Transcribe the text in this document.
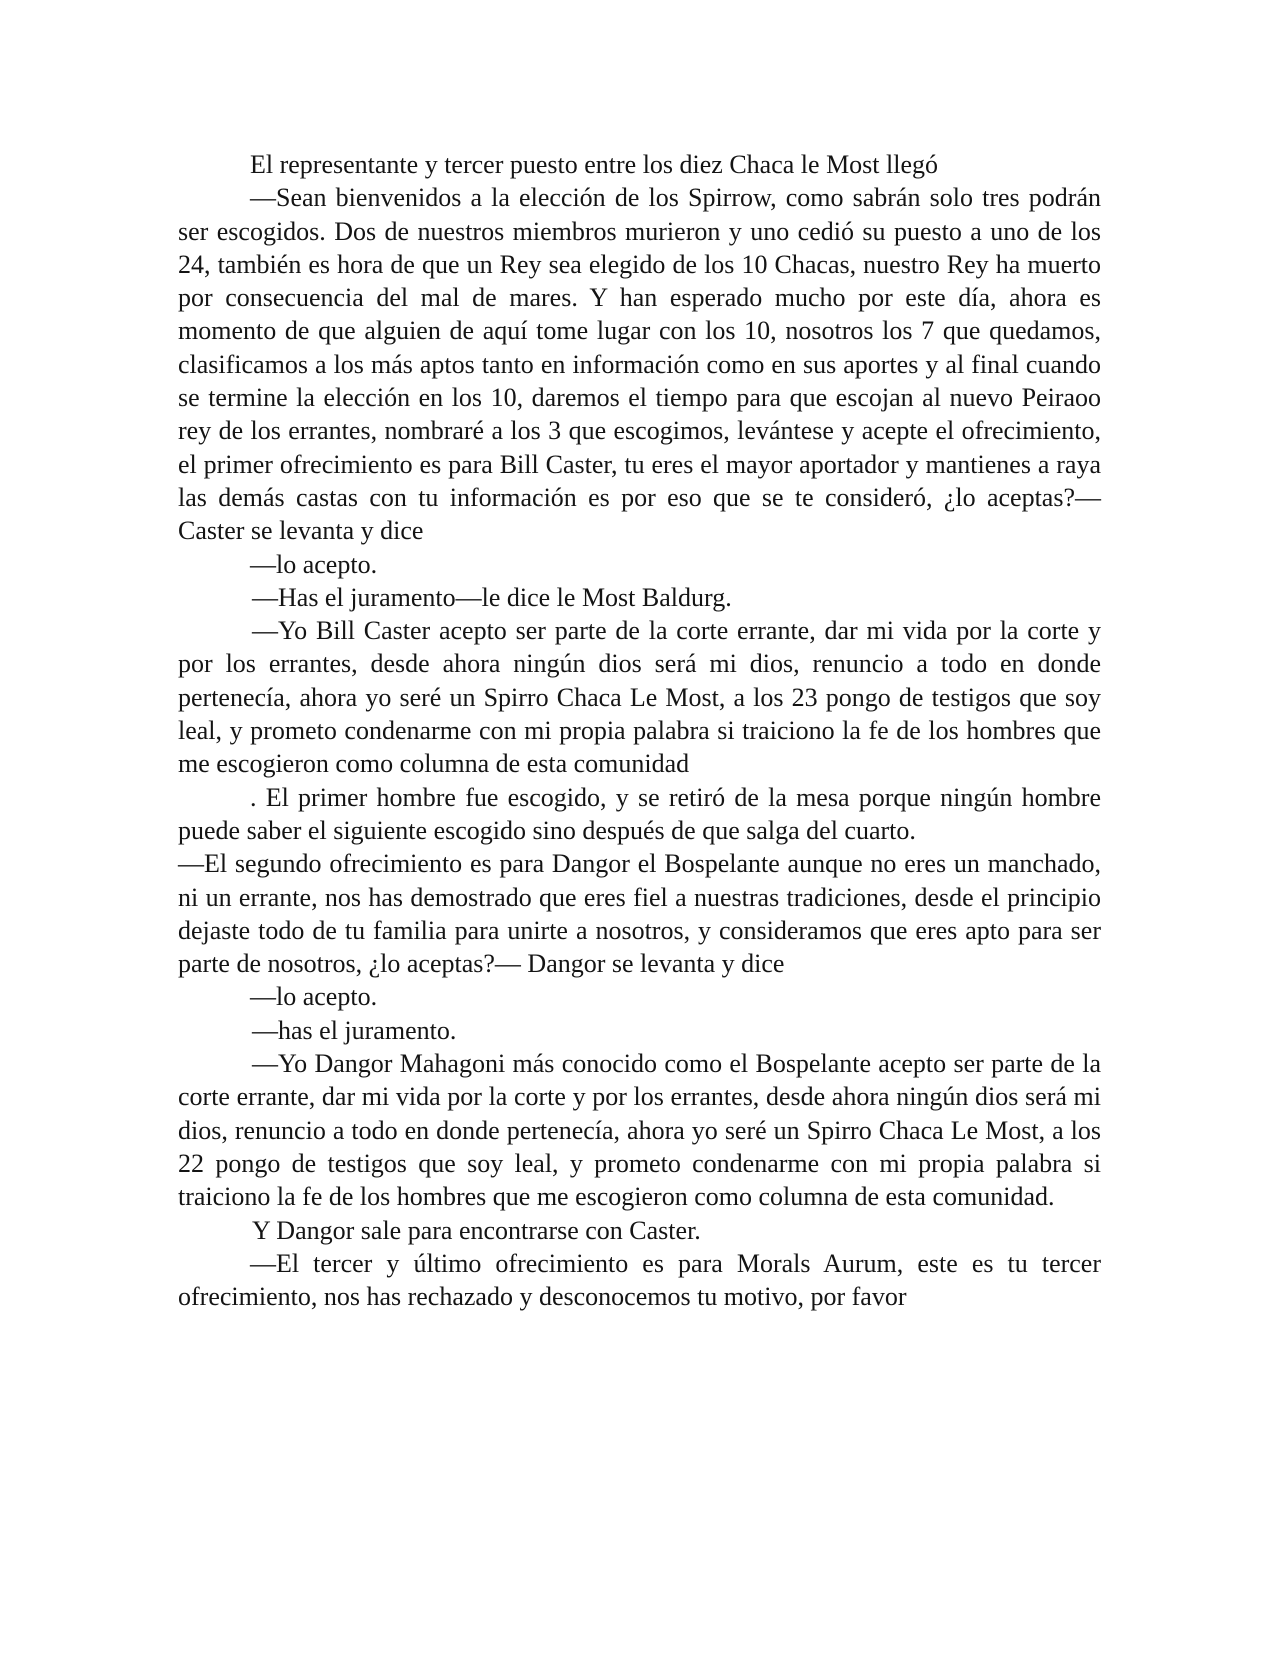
El representante y tercer puesto entre los diez Chaca le Most llegó

—Sean bienvenidos a la elección de los Spirrow, como sabrán solo tres podrán ser escogidos. Dos de nuestros miembros murieron y uno cedió su puesto a uno de los 24, también es hora de que un Rey sea elegido de los 10 Chacas, nuestro Rey ha muerto por consecuencia del mal de mares. Y han esperado mucho por este día, ahora es momento de que alguien de aquí tome lugar con los 10, nosotros los 7 que quedamos, clasificamos a los más aptos tanto en información como en sus aportes y al final cuando se termine la elección en los 10, daremos el tiempo para que escojan al nuevo Peiraoo rey de los errantes, nombraré a los 3 que escogimos, levántese y acepte el ofrecimiento, el primer ofrecimiento es para Bill Caster, tu eres el mayor aportador y mantienes a raya las demás castas con tu información es por eso que se te consideró, ¿lo aceptas?— Caster se levanta y dice

—lo acepto.

—Has el juramento—le dice le Most Baldurg.

—Yo Bill Caster acepto ser parte de la corte errante, dar mi vida por la corte y por los errantes, desde ahora ningún dios será mi dios, renuncio a todo en donde pertenecía, ahora yo seré un Spirro Chaca Le Most, a los 23 pongo de testigos que soy leal, y prometo condenarme con mi propia palabra si traiciono la fe de los hombres que me escogieron como columna de esta comunidad

. El primer hombre fue escogido, y se retiró de la mesa porque ningún hombre puede saber el siguiente escogido sino después de que salga del cuarto.

—El segundo ofrecimiento es para Dangor el Bospelante aunque no eres un manchado, ni un errante, nos has demostrado que eres fiel a nuestras tradiciones, desde el principio dejaste todo de tu familia para unirte a nosotros, y consideramos que eres apto para ser parte de nosotros, ¿lo aceptas?— Dangor se levanta y dice

—lo acepto.

—has el juramento.

—Yo Dangor Mahagoni más conocido como el Bospelante acepto ser parte de la corte errante, dar mi vida por la corte y por los errantes, desde ahora ningún dios será mi dios, renuncio a todo en donde pertenecía, ahora yo seré un Spirro Chaca Le Most, a los 22 pongo de testigos que soy leal, y prometo condenarme con mi propia palabra si traiciono la fe de los hombres que me escogieron como columna de esta comunidad.

Y Dangor sale para encontrarse con Caster.

—El tercer y último ofrecimiento es para Morals Aurum, este es tu tercer ofrecimiento, nos has rechazado y desconocemos tu motivo, por favor
